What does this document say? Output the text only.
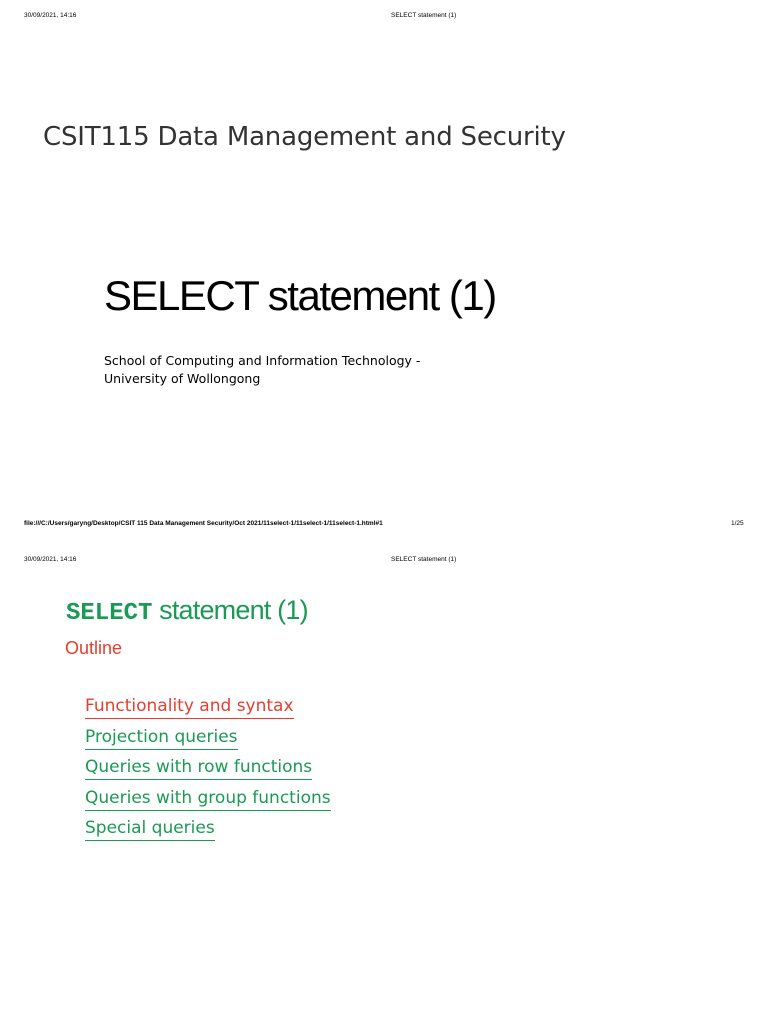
30/09/2021, 14:16	SELECT statement (1)
CSIT115 Data Management and Security
SELECT statement (1)
School of Computing and Information Technology -
University of Wollongong
file:///C:/Users/garyng/Desktop/CSIT 115 Data Management Security/Oct 2021/11select-1/11select-1/11select-1.html#1	1/25
30/09/2021, 14:16	SELECT statement (1)
SELECT statement (1)
Outline
Functionality and syntax
Projection queries
Queries with row functions
Queries with group functions
Special queries
